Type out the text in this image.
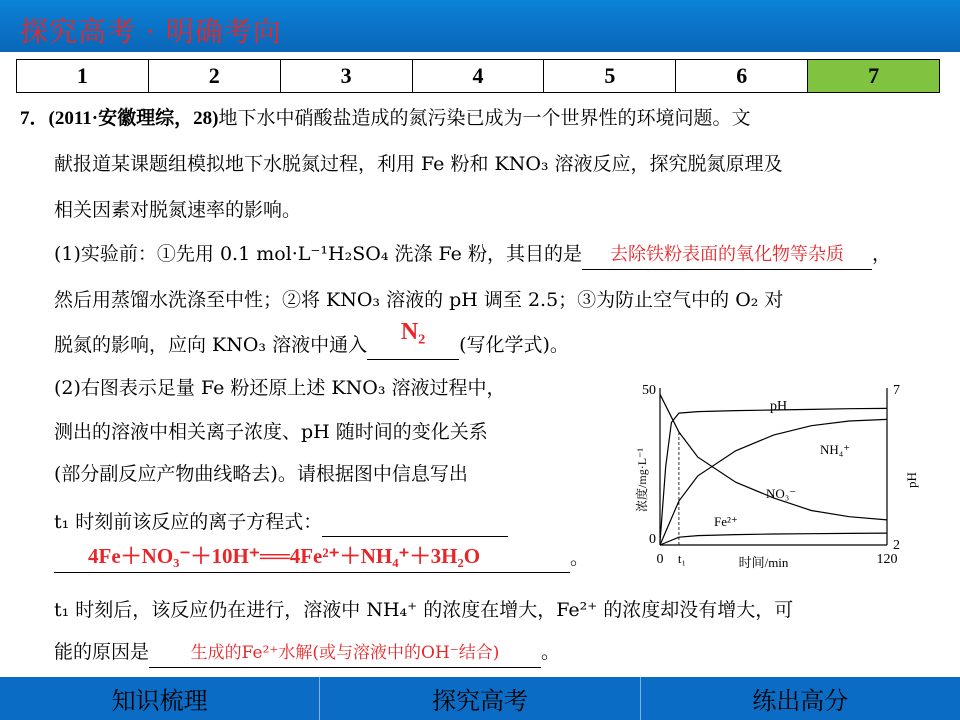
探究高考 · 明确考向
1	2	3	4	5	6	7
7．(2011·安徽理综，28)地下水中硝酸盐造成的氮污染已成为一个世界性的环境问题。文
献报道某课题组模拟地下水脱氮过程，利用 Fe 粉和 KNO₃ 溶液反应，探究脱氮原理及
相关因素对脱氮速率的影响。
(1)实验前：①先用 0.1 mol·L⁻¹H₂SO₄ 洗涤 Fe 粉，其目的是 去除铁粉表面的氧化物等杂质 ，
然后用蒸馏水洗涤至中性；②将 KNO₃ 溶液的 pH 调至 2.5；③为防止空气中的 O₂ 对
脱氮的影响，应向 KNO₃ 溶液中通入 N₂ (写化学式)。
(2)右图表示足量 Fe 粉还原上述 KNO₃ 溶液过程中，
测出的溶液中相关离子浓度、pH 随时间的变化关系
(部分副反应产物曲线略去)。请根据图中信息写出
t₁ 时刻前该反应的离子方程式：
4Fe＋NO₃⁻＋10H⁺══4Fe²⁺＋NH₄⁺＋3H₂O	。
t₁ 时刻后，该反应仍在进行，溶液中 NH₄⁺ 的浓度在增大，Fe²⁺ 的浓度却没有增大，可
能的原因是 生成的Fe²⁺水解(或与溶液中的OH⁻结合) 。
50
0
7
2
0 t₁	120
时间/min
浓度/mg·L⁻¹	pH
pH
NH₄⁺
NO₃⁻
Fe²⁺
知识梳理	探究高考	练出高分
